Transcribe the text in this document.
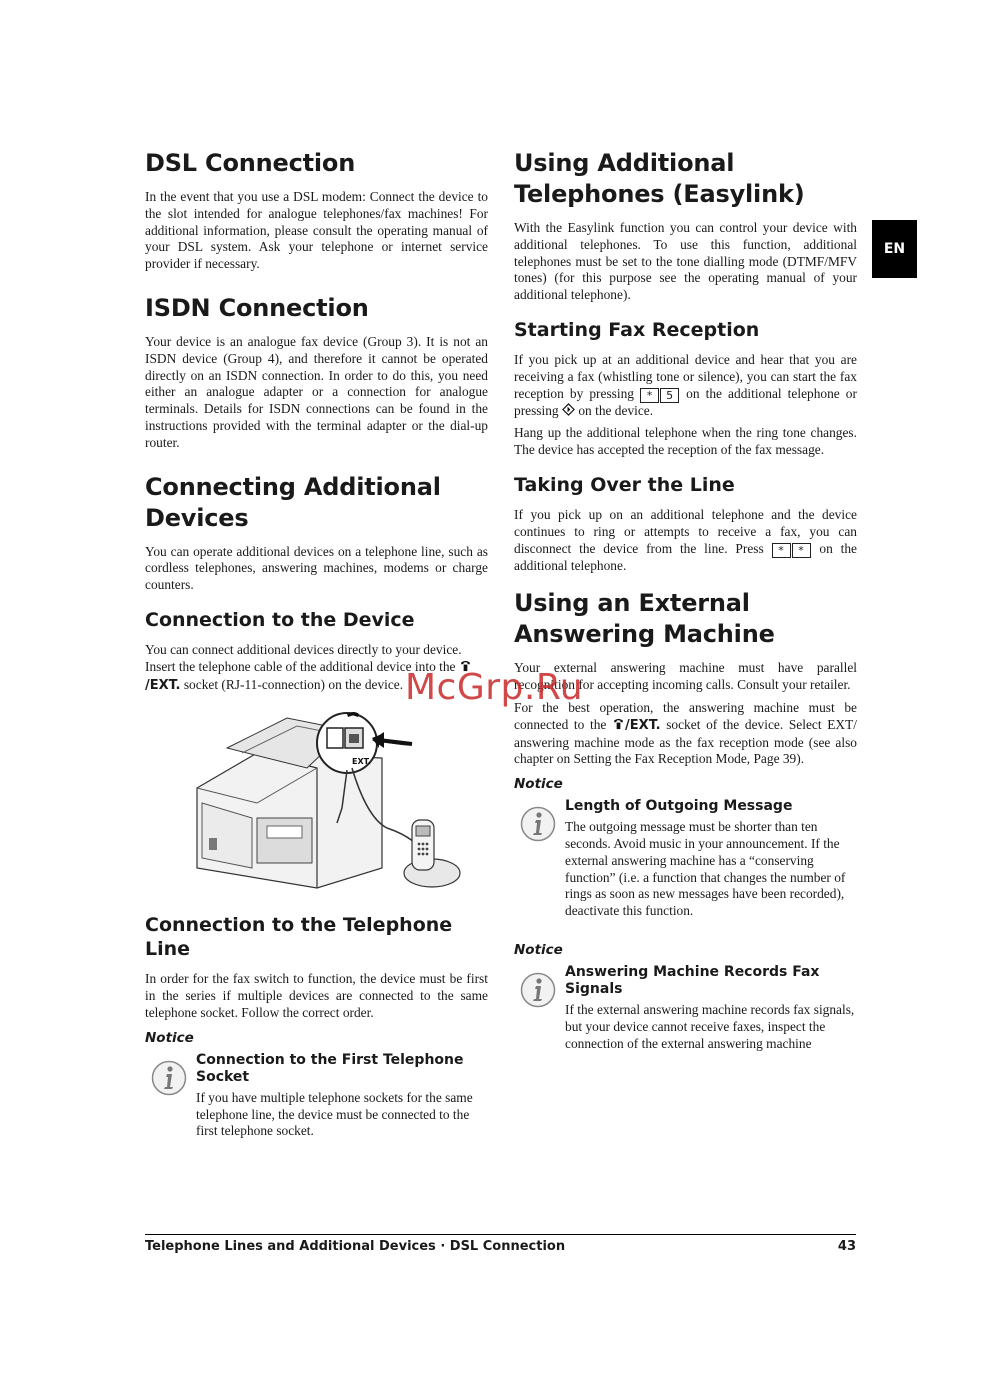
EN
DSL Connection

In the event that you use a DSL modem: Connect the device to the slot intended for analogue telephones/fax machines! For additional information, please consult the operating manual of your DSL system. Ask your telephone or internet service provider if necessary.

ISDN Connection

Your device is an analogue fax device (Group 3). It is not an ISDN device (Group 4), and therefore it cannot be operated directly on an ISDN connection. In order to do this, you need either an analogue adapter or a connection for analogue terminals. Details for ISDN connections can be found in the instructions provided with the terminal adapter or the dial-up router.

Connecting Additional Devices

You can operate additional devices on a telephone line, such as cordless telephones, answering machines, modems or charge counters.

Connection to the Device

You can connect additional devices directly to your device. Insert the telephone cable of the additional device into the /EXT. socket (RJ-11-connection) on the device.

EXT.
Connection to the Telephone Line

In order for the fax switch to function, the device must be first in the series if multiple devices are connected to the same telephone socket. Follow the correct order.

Notice
Connection to the First Telephone Socket

If you have multiple telephone sockets for the same telephone line, the device must be connected to the first telephone socket.

Using Additional Telephones (Easylink)

With the Easylink function you can control your device with additional telephones. To use this function, additional telephones must be set to the tone dialling mode (DTMF/MFV tones) (for this purpose see the operating manual of your additional telephone).

Starting Fax Reception

If you pick up at an additional device and hear that you are receiving a fax (whistling tone or silence), you can start the fax reception by pressing * 5 on the additional telephone or pressing on the device.

Hang up the additional telephone when the ring tone changes. The device has accepted the reception of the fax message.

Taking Over the Line

If you pick up on an additional telephone and the device continues to ring or attempts to receive a fax, you can disconnect the device from the line. Press * * on the additional telephone.

Using an External Answering Machine

Your external answering machine must have parallel recognition for accepting incoming calls. Consult your retailer.

For the best operation, the answering machine must be connected to the /EXT. socket of the device. Select EXT/ answering machine mode as the fax reception mode (see also chapter on Setting the Fax Reception Mode, Page 39).

Notice
Length of Outgoing Message

The outgoing message must be shorter than ten seconds. Avoid music in your announcement. If the external answering machine has a “conserving function” (i.e. a function that changes the number of rings as soon as new messages have been recorded), deactivate this function.

Notice
Answering Machine Records Fax Signals

If the external answering machine records fax signals, but your device cannot receive faxes, inspect the connection of the external answering machine

McGrp.Ru
Telephone Lines and Additional Devices · DSL Connection	43
